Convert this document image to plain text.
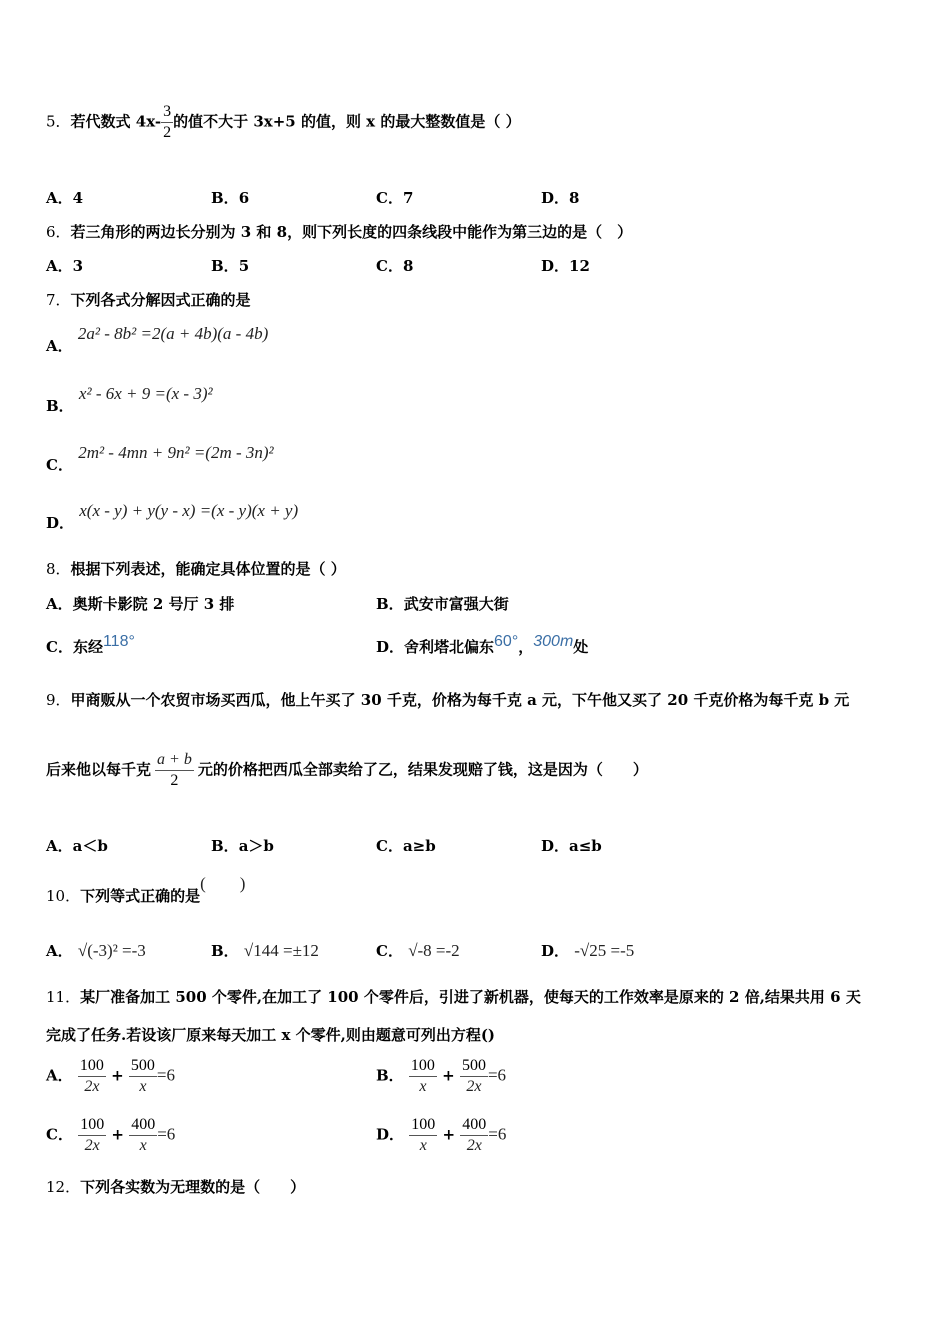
5．若代数式 $4x- \frac{3}{2}$ 的值不大于 3x+5 的值，则 x 的最大整数值是（ ）
A．4	B．6	C．7	D．8
6．若三角形的两边长分别为 3 和 8，则下列长度的四条线段中能作为第三边的是（　）
A．3	B．5	C．8	D．12
7．下列各式分解因式正确的是
A． 2a² - 8b² =2(a + 4b)(a - 4b)
B． x² - 6x + 9 =(x - 3)²
C． 2m² - 4mn + 9n² =(2m - 3n)²
D． x(x - y) + y(y - x) =(x - y)(x + y)
8．根据下列表述，能确定具体位置的是（ ）
A．奥斯卡影院 2 号厅 3 排	B．武安市富强大街
C．东经118°	D．舍利塔北偏东60°，300m处
9．甲商贩从一个农贸市场买西瓜，他上午买了 30 千克，价格为每千克 a 元，下午他又买了 20 千克价格为每千克 b 元
后来他以每千克 $\frac{a + b}{2}$ 元的价格把西瓜全部卖给了乙，结果发现赔了钱，这是因为（　　）
A．a＜b	B．a＞b	C．a≥b	D．a≤b
10．下列等式正确的是(　　)
A． √(-3)² =-3	B． √144 =±12	C． √-8 =-2	D． -√25 =-5
11．某厂准备加工 500 个零件,在加工了 100 个零件后，引进了新机器，使每天的工作效率是原来的 2 倍,结果共用 6 天
完成了任务.若设该厂原来每天加工 x 个零件,则由题意可列出方程()
A． $\frac{100}{2x} + \frac{500}{x} =6$	B． $\frac{100}{x} + \frac{500}{2x} =6$
C． $\frac{100}{2x} + \frac{400}{x} =6$	D． $\frac{100}{x} + \frac{400}{2x} =6$
12．下列各实数为无理数的是（　　）
